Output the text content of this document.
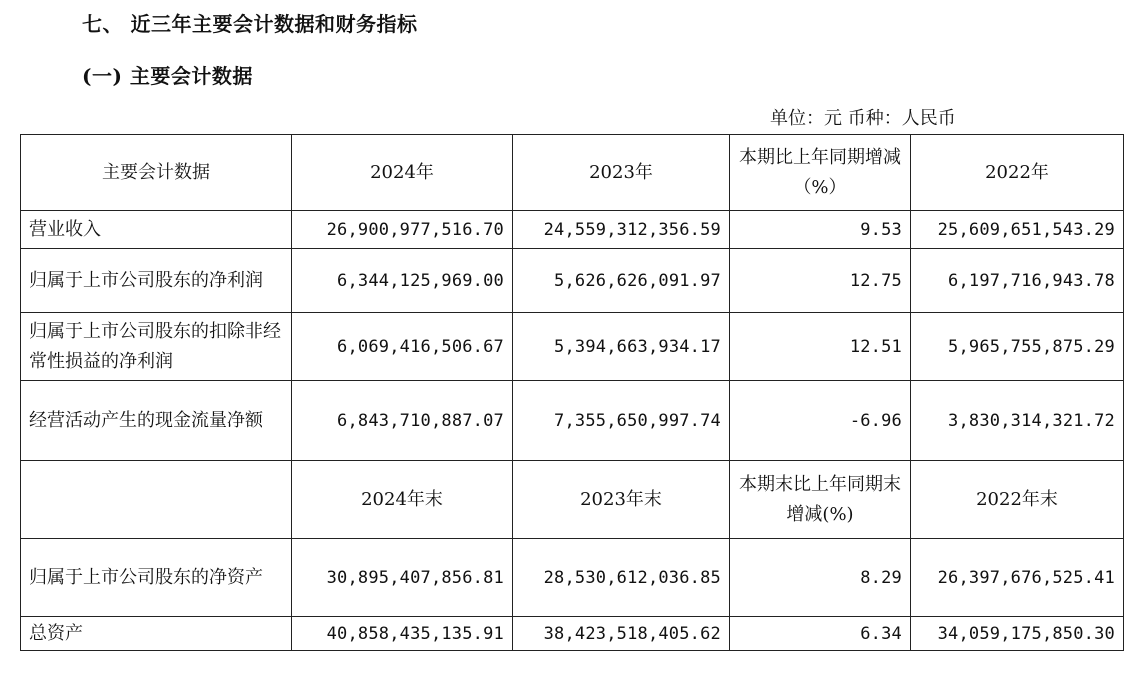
七、 近三年主要会计数据和财务指标
(一) 主要会计数据
单位：元 币种：人民币
主要会计数据	2024年	2023年	本期比上年同期增减（%）	2022年
营业收入	26,900,977,516.70	24,559,312,356.59	9.53	25,609,651,543.29
归属于上市公司股东的净利润	6,344,125,969.00	5,626,626,091.97	12.75	6,197,716,943.78
归属于上市公司股东的扣除非经常性损益的净利润	6,069,416,506.67	5,394,663,934.17	12.51	5,965,755,875.29
经营活动产生的现金流量净额	6,843,710,887.07	7,355,650,997.74	-6.96	3,830,314,321.72
	2024年末	2023年末	本期末比上年同期末增减(%)	2022年末
归属于上市公司股东的净资产	30,895,407,856.81	28,530,612,036.85	8.29	26,397,676,525.41
总资产	40,858,435,135.91	38,423,518,405.62	6.34	34,059,175,850.30
